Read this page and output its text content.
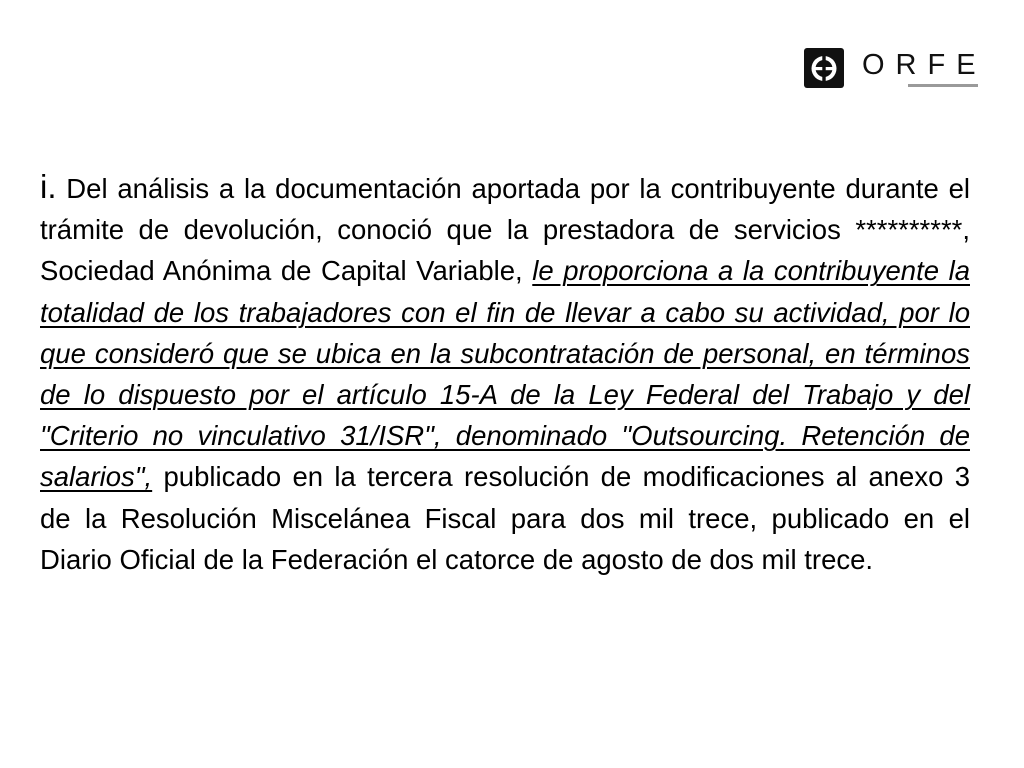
ORFE

i. Del análisis a la documentación aportada por la contribuyente durante el trámite de devolución, conoció que la prestadora de servicios **********, Sociedad Anónima de Capital Variable, le proporciona a la contribuyente la totalidad de los trabajadores con el fin de llevar a cabo su actividad, por lo que consideró que se ubica en la subcontratación de personal, en términos de lo dispuesto por el artículo 15-A de la Ley Federal del Trabajo y del "Criterio no vinculativo 31/ISR", denominado "Outsourcing. Retención de salarios", publicado en la tercera resolución de modificaciones al anexo 3 de la Resolución Miscelánea Fiscal para dos mil trece, publicado en el Diario Oficial de la Federación el catorce de agosto de dos mil trece.
